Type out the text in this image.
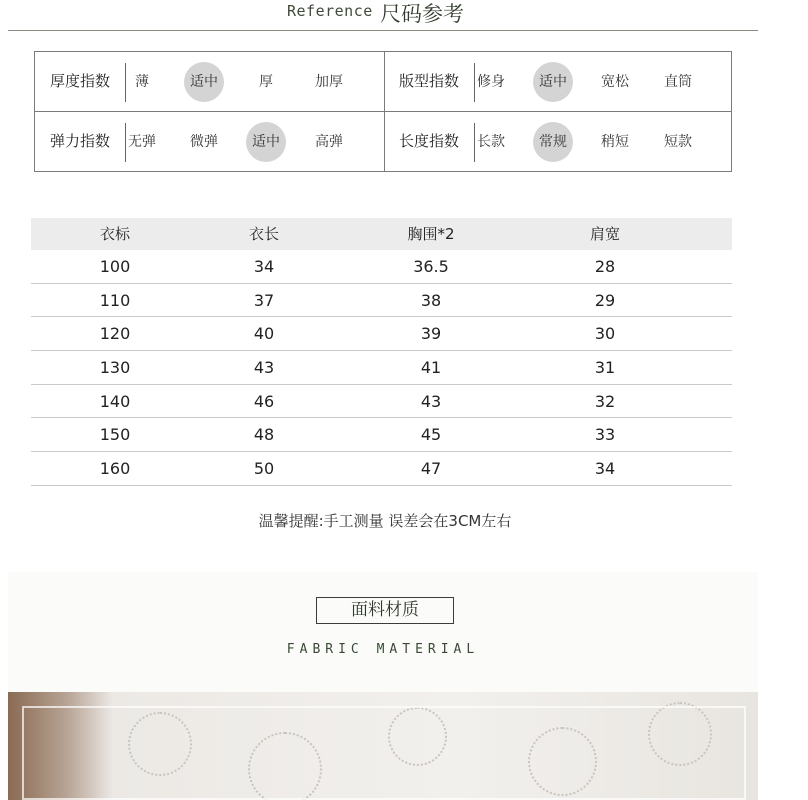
Reference 尺码参考
厚度指数	薄	适中	厚	加厚	版型指数	修身	适中	宽松	直筒
弹力指数	无弹	微弹	适中	高弹	长度指数	长款	常规	稍短	短款
衣标	衣长	胸围*2	肩宽
100	34	36.5	28
110	37	38	29
120	40	39	30
130	43	41	31
140	46	43	32
150	48	45	33
160	50	47	34
温馨提醒:手工测量 误差会在3CM左右
面料材质
FABRIC MATERIAL
